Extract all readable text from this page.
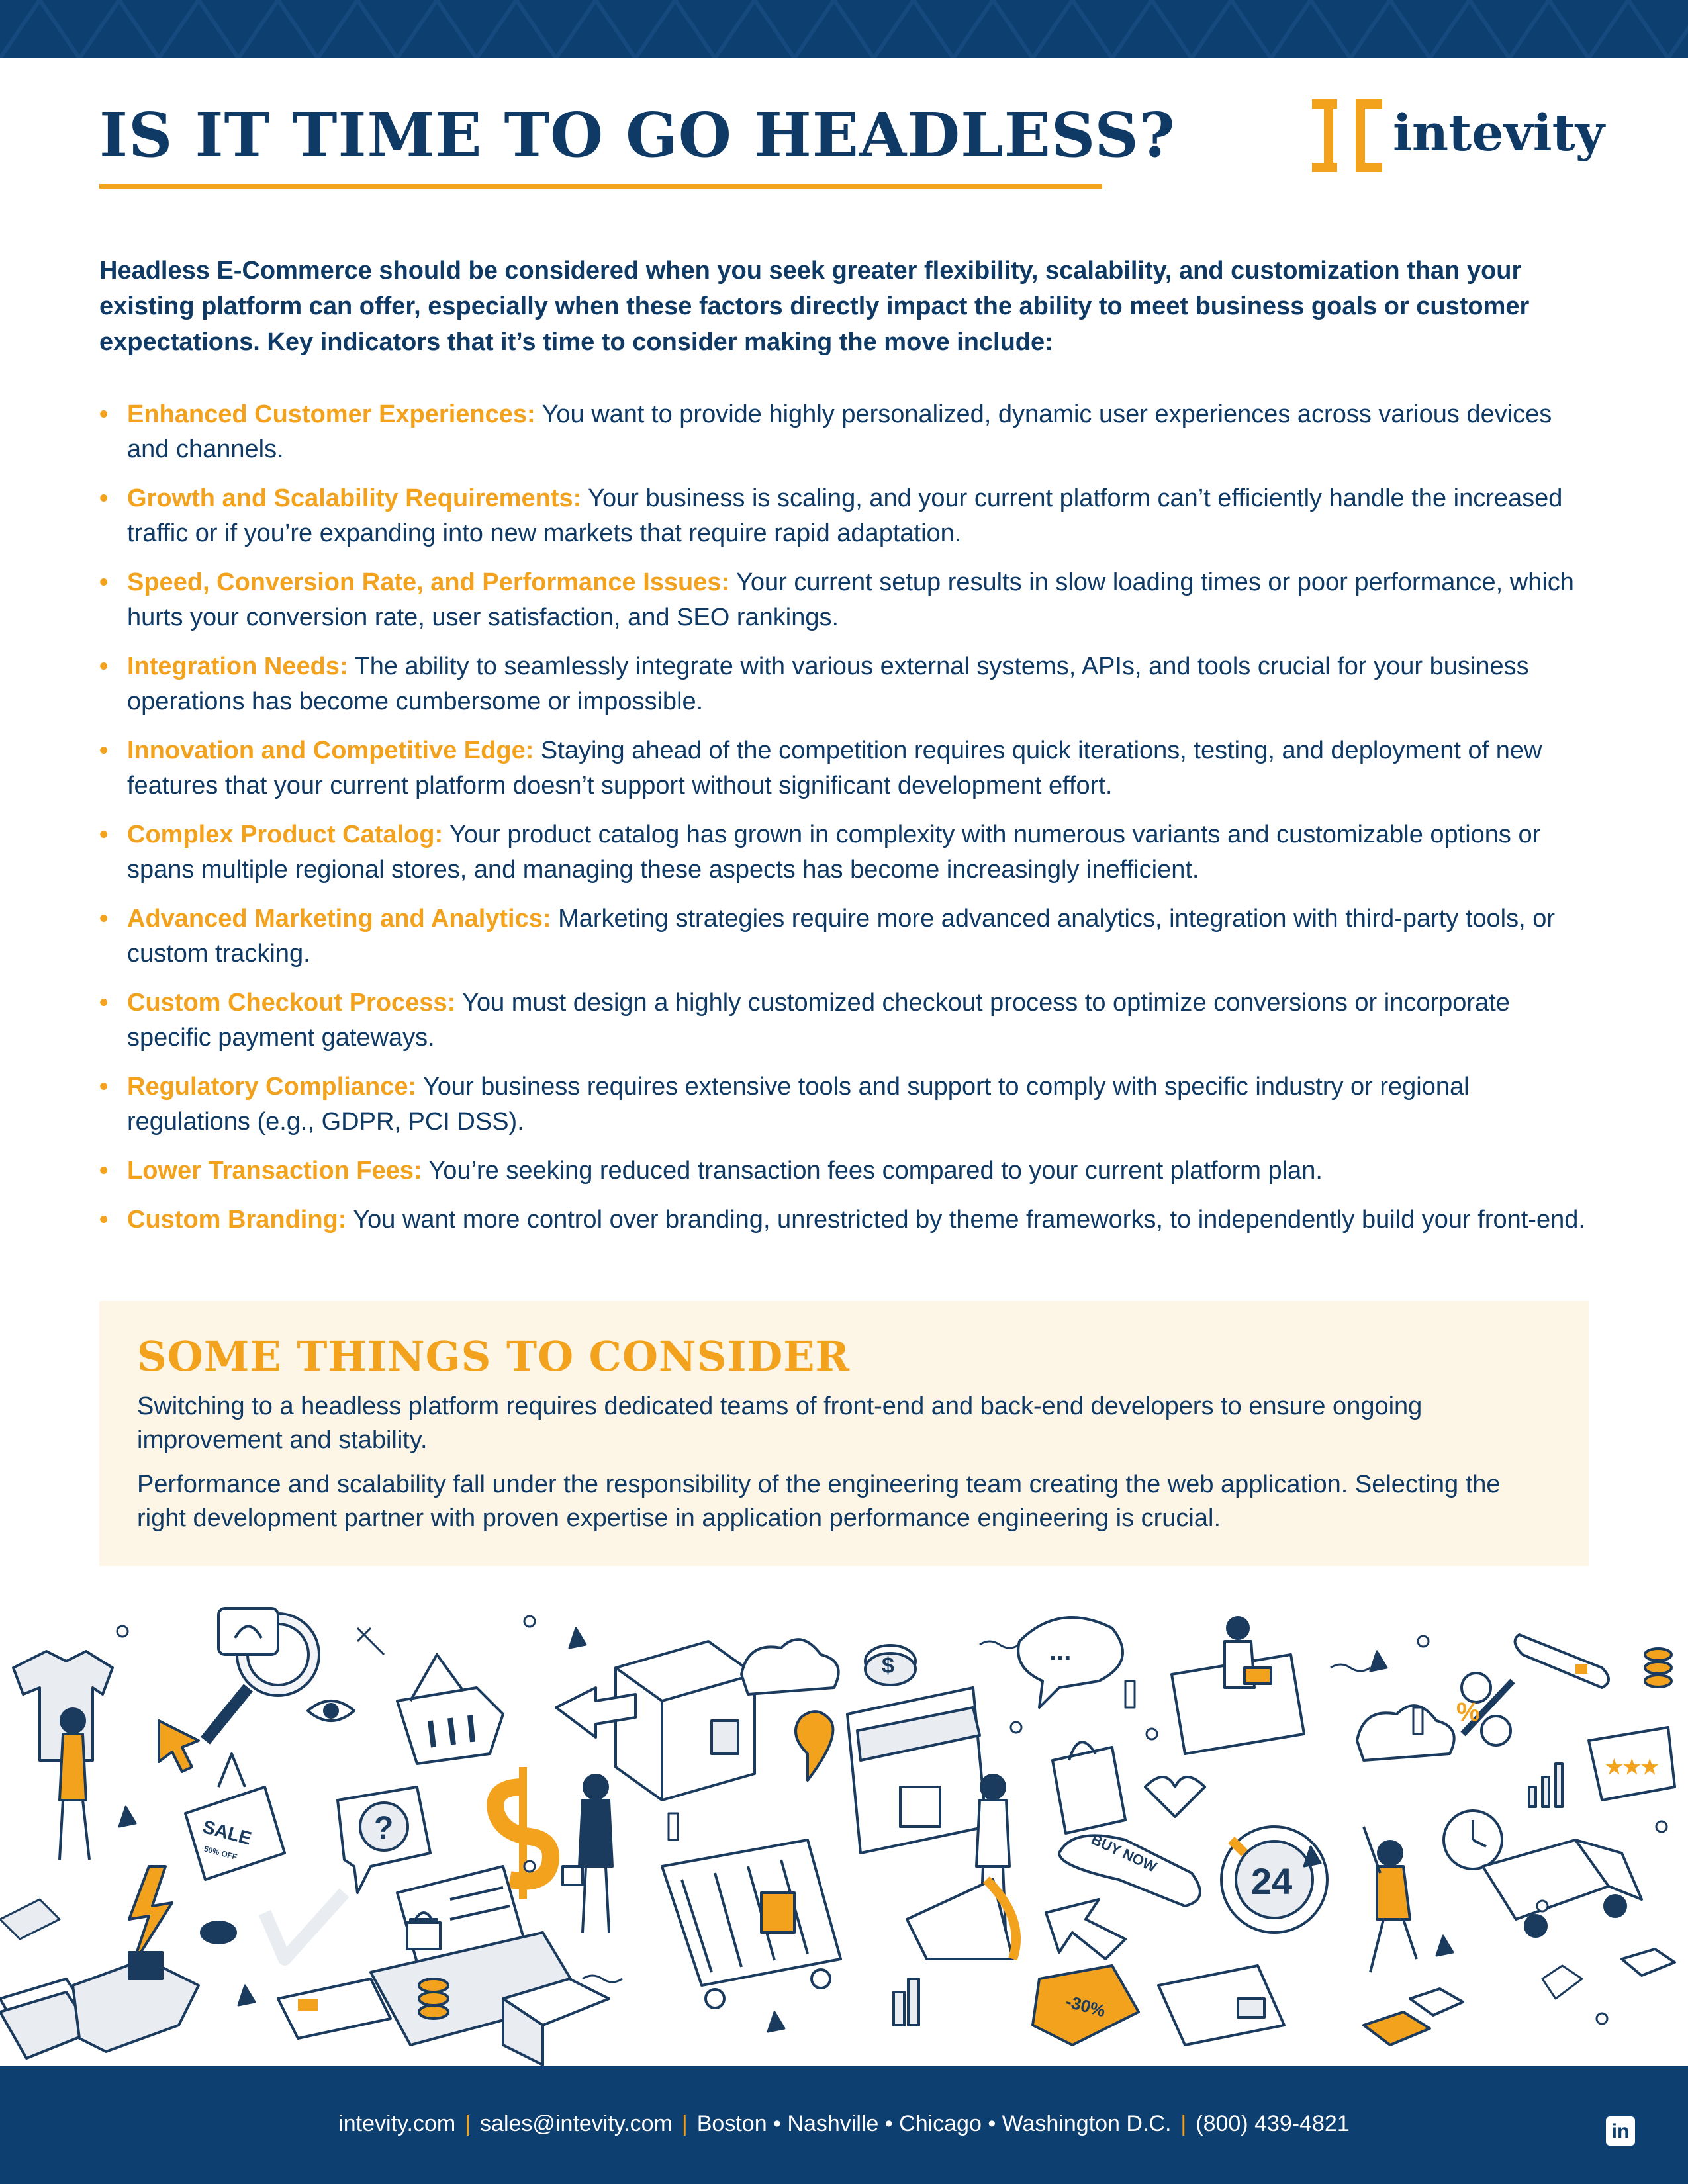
IS IT TIME TO GO HEADLESS?	intevity

Headless E-Commerce should be considered when you seek greater flexibility, scalability, and customization than your existing platform can offer, especially when these factors directly impact the ability to meet business goals or customer expectations. Key indicators that it’s time to consider making the move include:

• Enhanced Customer Experiences: You want to provide highly personalized, dynamic user experiences across various devices and channels.
• Growth and Scalability Requirements: Your business is scaling, and your current platform can’t efficiently handle the increased traffic or if you’re expanding into new markets that require rapid adaptation.
• Speed, Conversion Rate, and Performance Issues: Your current setup results in slow loading times or poor performance, which hurts your conversion rate, user satisfaction, and SEO rankings.
• Integration Needs: The ability to seamlessly integrate with various external systems, APIs, and tools crucial for your business operations has become cumbersome or impossible.
• Innovation and Competitive Edge: Staying ahead of the competition requires quick iterations, testing, and deployment of new features that your current platform doesn’t support without significant development effort.
• Complex Product Catalog: Your product catalog has grown in complexity with numerous variants and customizable options or spans multiple regional stores, and managing these aspects has become increasingly inefficient.
• Advanced Marketing and Analytics: Marketing strategies require more advanced analytics, integration with third-party tools, or custom tracking.
• Custom Checkout Process: You must design a highly customized checkout process to optimize conversions or incorporate specific payment gateways.
• Regulatory Compliance: Your business requires extensive tools and support to comply with specific industry or regional regulations (e.g., GDPR, PCI DSS).
• Lower Transaction Fees: You’re seeking reduced transaction fees compared to your current platform plan.
• Custom Branding: You want more control over branding, unrestricted by theme frameworks, to independently build your front-end.
SOME THINGS TO CONSIDER

Switching to a headless platform requires dedicated teams of front-end and back-end developers to ensure ongoing improvement and stability.

Performance and scalability fall under the responsibility of the engineering team creating the web application. Selecting the right development partner with proven expertise in application performance engineering is crucial.

SALE
50% OFF	BUY NOW
24
-30%
%
$
?
...
★★★
intevity.com | sales@intevity.com | Boston • Nashville • Chicago • Washington D.C. | (800) 439-4821	in
